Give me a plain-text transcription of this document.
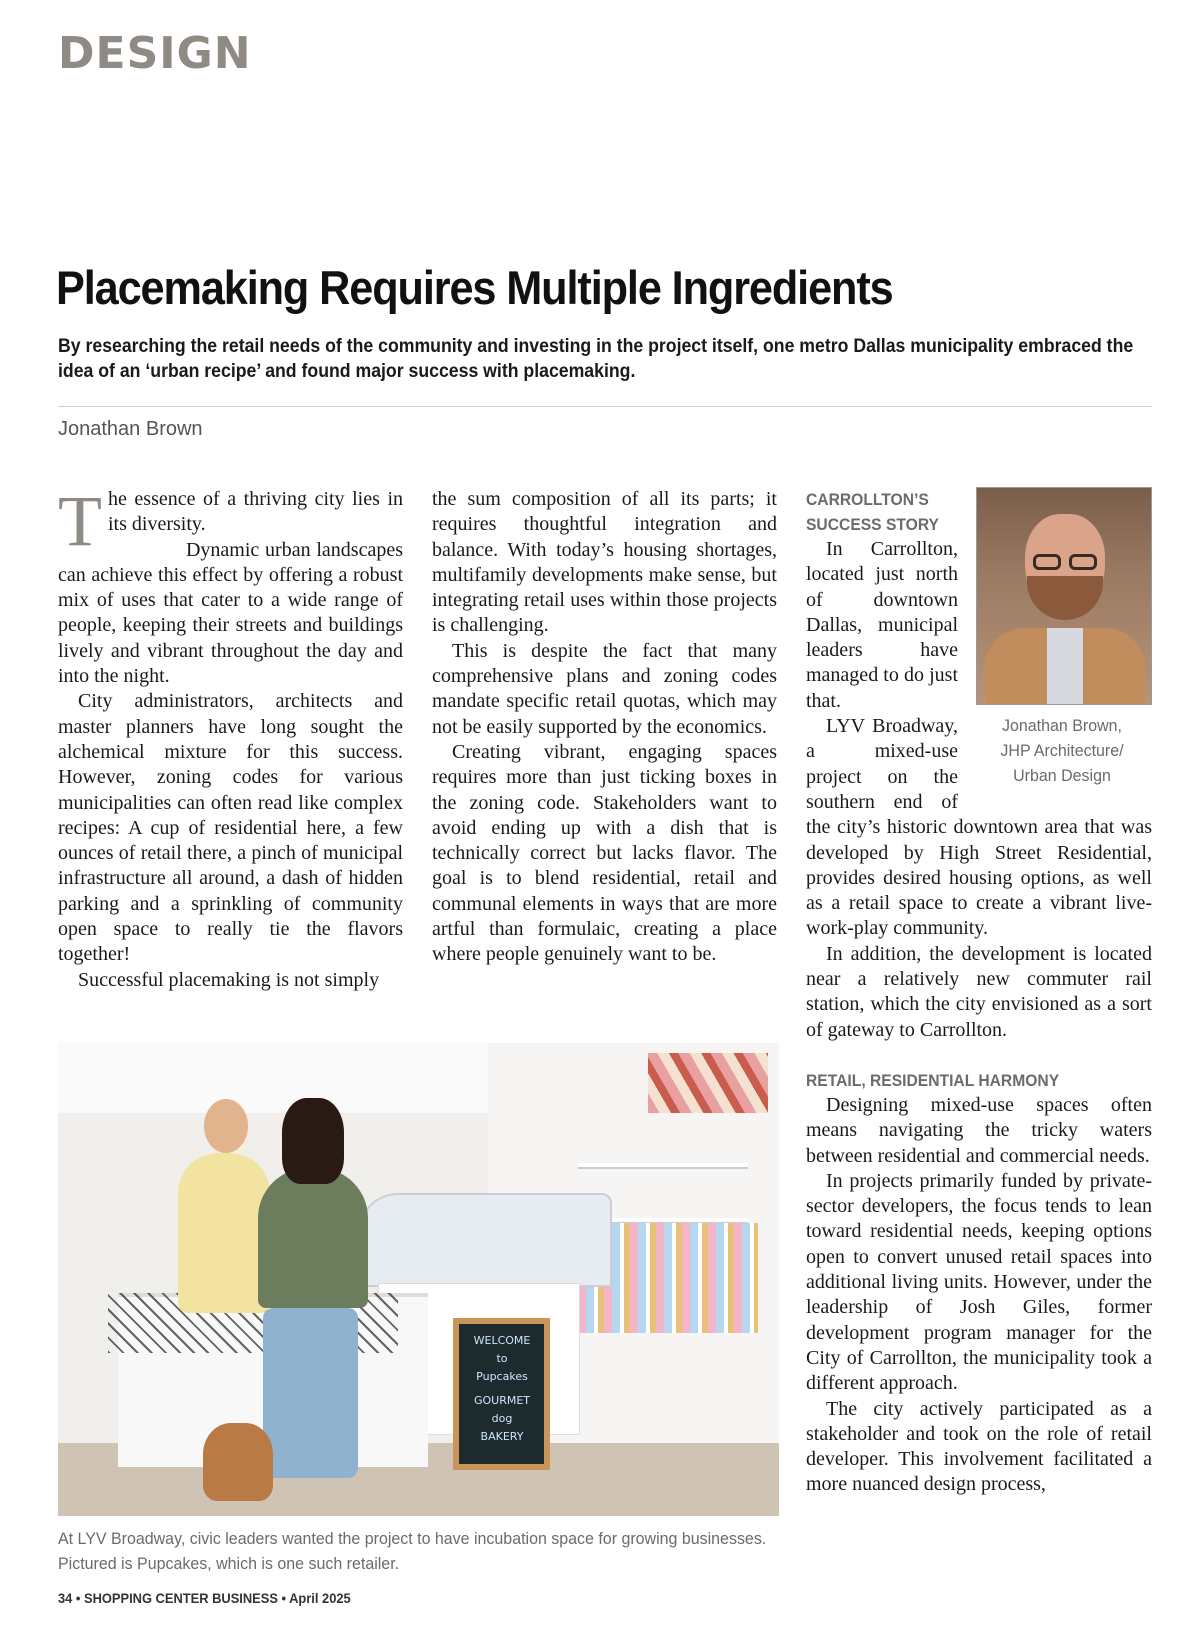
DESIGN
Placemaking Requires Multiple Ingredients
By researching the retail needs of the community and investing in the project itself, one metro Dallas municipality embraced the idea of an ‘urban recipe’ and found major success with placemaking.
Jonathan Brown

The essence of a thriving city lies in its diversity.

Dynamic urban landscapes can achieve this effect by offering a robust mix of uses that cater to a wide range of people, keeping their streets and buildings lively and vibrant throughout the day and into the night.

City administrators, architects and master planners have long sought the alchemical mixture for this success. However, zoning codes for various municipalities can often read like complex recipes: A cup of residential here, a few ounces of retail there, a pinch of municipal infrastructure all around, a dash of hidden parking and a sprinkling of community open space to really tie the flavors together!

Successful placemaking is not simply

the sum composition of all its parts; it requires thoughtful integration and balance. With today’s housing shortages, multifamily developments make sense, but integrating retail uses within those projects is challenging.

This is despite the fact that many comprehensive plans and zoning codes mandate specific retail quotas, which may not be easily supported by the economics.

Creating vibrant, engaging spaces requires more than just ticking boxes in the zoning code. Stakeholders want to avoid ending up with a dish that is technically correct but lacks flavor. The goal is to blend residential, retail and communal elements in ways that are more artful than formulaic, creating a place where people genuinely want to be.

Jonathan Brown,
JHP Architecture/
Urban Design
CARROLLTON’S
SUCCESS STORY

In Carrollton, located just north of downtown Dallas, municipal leaders have managed to do just that.

LYV Broadway, a mixed-use project on the southern end of the city’s historic downtown area that was developed by High Street Residential, provides desired housing options, as well as a retail space to create a vibrant live-work-play community.

In addition, the development is located near a relatively new commuter rail station, which the city envisioned as a sort of gateway to Carrollton.

RETAIL, RESIDENTIAL HARMONY

Designing mixed-use spaces often means navigating the tricky waters between residential and commercial needs.

In projects primarily funded by private-sector developers, the focus tends to lean toward residential needs, keeping options open to convert unused retail spaces into additional living units. However, under the leadership of Josh Giles, former development program manager for the City of Carrollton, the municipality took a different approach.

The city actively participated as a stakeholder and took on the role of retail developer. This involvement facilitated a more nuanced design process,

WELCOME
to
Pupcakes
GOURMET
dog
BAKERY
At LYV Broadway, civic leaders wanted the project to have incubation space for growing businesses.
Pictured is Pupcakes, which is one such retailer.
34 • SHOPPING CENTER BUSINESS • April 2025
